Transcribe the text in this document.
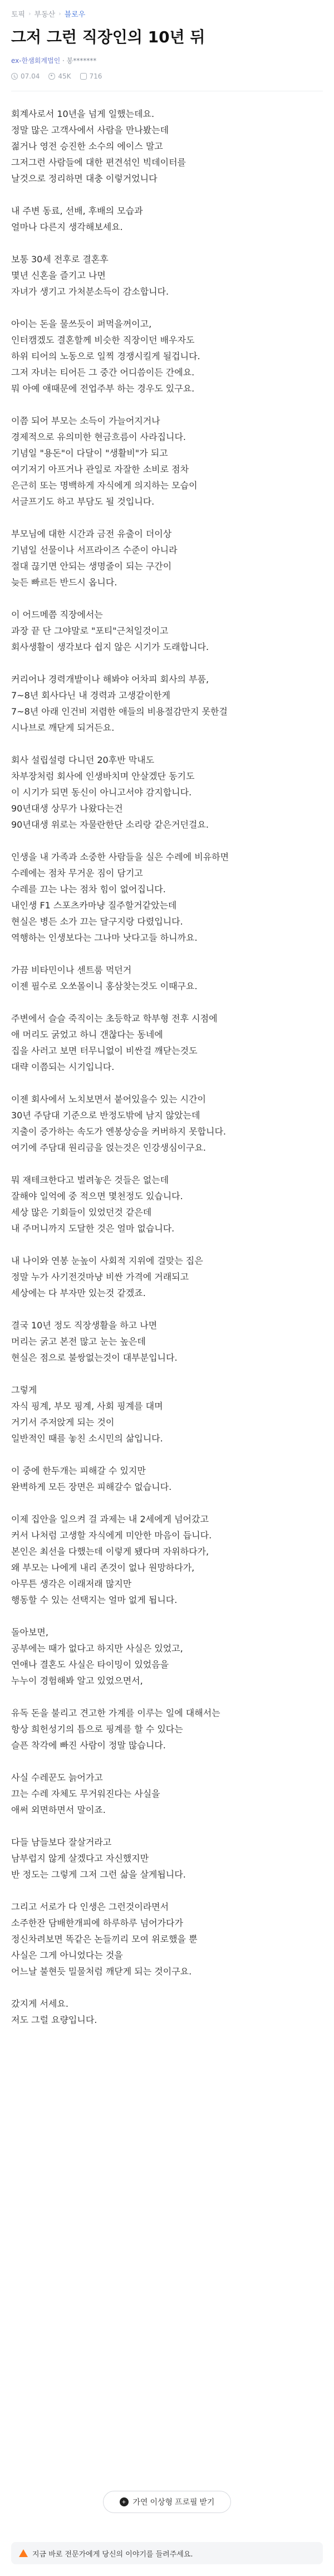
토픽 › 부동산 › 블로우
그저 그런 직장인의 10년 뒤
ex-한샘회계법인 · 봉*******
07.04	45K	716

회계사로서 10년을 넘게 일했는데요.
정말 많은 고객사에서 사람을 만나봤는데
젊거나 영전 승진한 소수의 에이스 말고
그저그런 사람들에 대한 편견섞인 빅데이터를
날것으로 정리하면 대충 이렇거었니다

내 주변 동료, 선배, 후배의 모습과
얼마나 다른지 생각해보세요.

보통 30세 전후로 결혼후
몇년 신혼을 즐기고 나면
자녀가 생기고 가처분소득이 감소합니다.

아이는 돈을 물쓰듯이 퍼먹을꺼이고,
인터캠겠도 결혼할께 비슷한 직장이던 배우자도
하위 티어의 노동으로 일찍 경쟁시킬게 될겁니다.
그저 자녀는 티어든 그 중간 어디씀이든 간에요.
뭐 아예 애때문에 전업주부 하는 경우도 있구요.

이쯤 되어 부모는 소득이 가늘어지거나
경제적으로 유의미한 현금흐름이 사라집니다.
기념일 "용돈"이 다달이 "생활비"가 되고
여기저기 아프거나 관일로 자잘한 소비로 점차
은근히 또는 명백하게 자식에게 의지하는 모습이
서글프기도 하고 부담도 될 것입니다.

부모님에 대한 시간과 금전 유출이 더이상
기념일 선물이나 서프라이즈 수준이 아니라
절대 끊기면 안되는 생명줄이 되는 구간이
늦든 빠르든 반드시 옵니다.

이 어드메쯤 직장에서는
과장 끝 단 그야말로 "포티"근처일것이고
회사생활이 생각보다 쉽지 않은 시기가 도래합니다.

커리어나 경력개발이나 해봐야 어차피 회사의 부품,
7~8년 회사다닌 내 경력과 고생같이한게
7~8년 아래 인건비 저렴한 애들의 비용절감만지 못한걸
시나브로 깨닫게 되거든요.

회사 설립설령 다니던 20후반 막내도
차부장처럼 회사에 인생바치며 안살겠단 동기도
이 시기가 되면 동신이 아니고서야 감지합니다.
90년대생 상무가 나왔다는건
90년대생 위로는 자물란한단 소리랑 같은거던걸요.

인생을 내 가족과 소중한 사람들을 실은 수레에 비유하면
수레에는 점차 무거운 짐이 담기고
수레를 끄는 나는 점차 힘이 없어집니다.
내인생 F1 스포츠카마냥 질주할거같았는데
현실은 병든 소가 끄는 달구지랑 다렸입니다.
역행하는 인생보다는 그나마 낫다고들 하니까요.

가끔 비타민이나 센트룸 먹던거
이젠 필수로 오쏘몰이니 홍삼찾는것도 이때구요.

주변에서 슬슬 죽직이는 초등학교 학부형 전후 시점에
애 머리도 굵었고 하니 갠찮다는 동네에
집을 사러고 보면 터무니없이 비싼걸 깨닫는것도
대략 이쯤되는 시기입니다.

이젠 회사에서 노치보면서 붙어있을수 있는 시간이
30년 주담대 기준으로 반정도밖에 남지 않았는데
지출이 증가하는 속도가 엔봉상승을 커버하지 못합니다.
여기에 주담대 원리금을 얹는것은 인강생심이구요.

뭐 재테크한다고 벌려놓은 것들은 없는데
잘해야 일억에 중 적으면 몇천정도 있습니다.
세상 많은 기회들이 있었던것 같은데
내 주머니까지 도달한 것은 얼마 없습니다.

내 나이와 연봉 눈높이 사회적 지위에 걸맞는 집은
정말 누가 사기전것마냥 비싼 가격에 거래되고
세상에는 다 부자만 있는것 같겠죠.

결국 10년 정도 직장생활을 하고 나면
머리는 굵고 본전 많고 눈는 높은데
현실은 점으로 불쌍없는것이 대부분입니다.

그렇게
자식 핑계, 부모 핑계, 사회 핑계를 대며
거기서 주저앉게 되는 것이
일반적인 때를 놓친 소시민의 삶입니다.

이 중에 한두개는 피해갈 수 있지만
완벽하게 모든 장면은 피해갈수 없습니다.

이제 집안을 일으켜 걸 과제는 내 2세에게 넘어갔고
커서 나처럼 고생할 자식에게 미안한 마음이 듭니다.
본인은 최선을 다했는데 이렇게 됐다며 자위하다가,
왜 부모는 나에게 내리 존것이 없나 원망하다가,
아무튼 생각은 이래저래 많지만
행동할 수 있는 선택지는 얼마 없게 됩니다.

돌아보면,
공부에는 때가 없다고 하지만 사실은 있었고,
연애나 결혼도 사실은 타이밍이 있었음을
누누이 경험해봐 알고 있었으면서,

유독 돈을 불리고 견고한 가계를 이루는 일에 대해서는
항상 희헌성기의 틈으로 핑계를 할 수 있다는
슬픈 착각에 빠진 사람이 정말 많습니다.

사실 수레꾼도 늙어가고
끄는 수레 자체도 무거워진다는 사실을
애써 외면하면서 말이죠.

다들 남들보다 잘살거라고
남부럽지 않게 살겠다고 자신했지만
반 정도는 그렇게 그저 그런 삶을 살게됩니다.

그리고 서로가 다 인생은 그런것이라면서
소주한잔 담배한개피에 하루하루 넘어가다가
정신차려보면 똑같은 논들끼리 모여 위로했을 뿐
사실은 그게 아니었다는 것을
어느날 불현듯 밀물처럼 깨닫게 되는 것이구요.

갔지게 서세요.
저도 그럴 요량입니다.

+ 가연 이상형 프로필 받기
지금 바로 전문가에게 당신의 이야기를 들려주세요.
